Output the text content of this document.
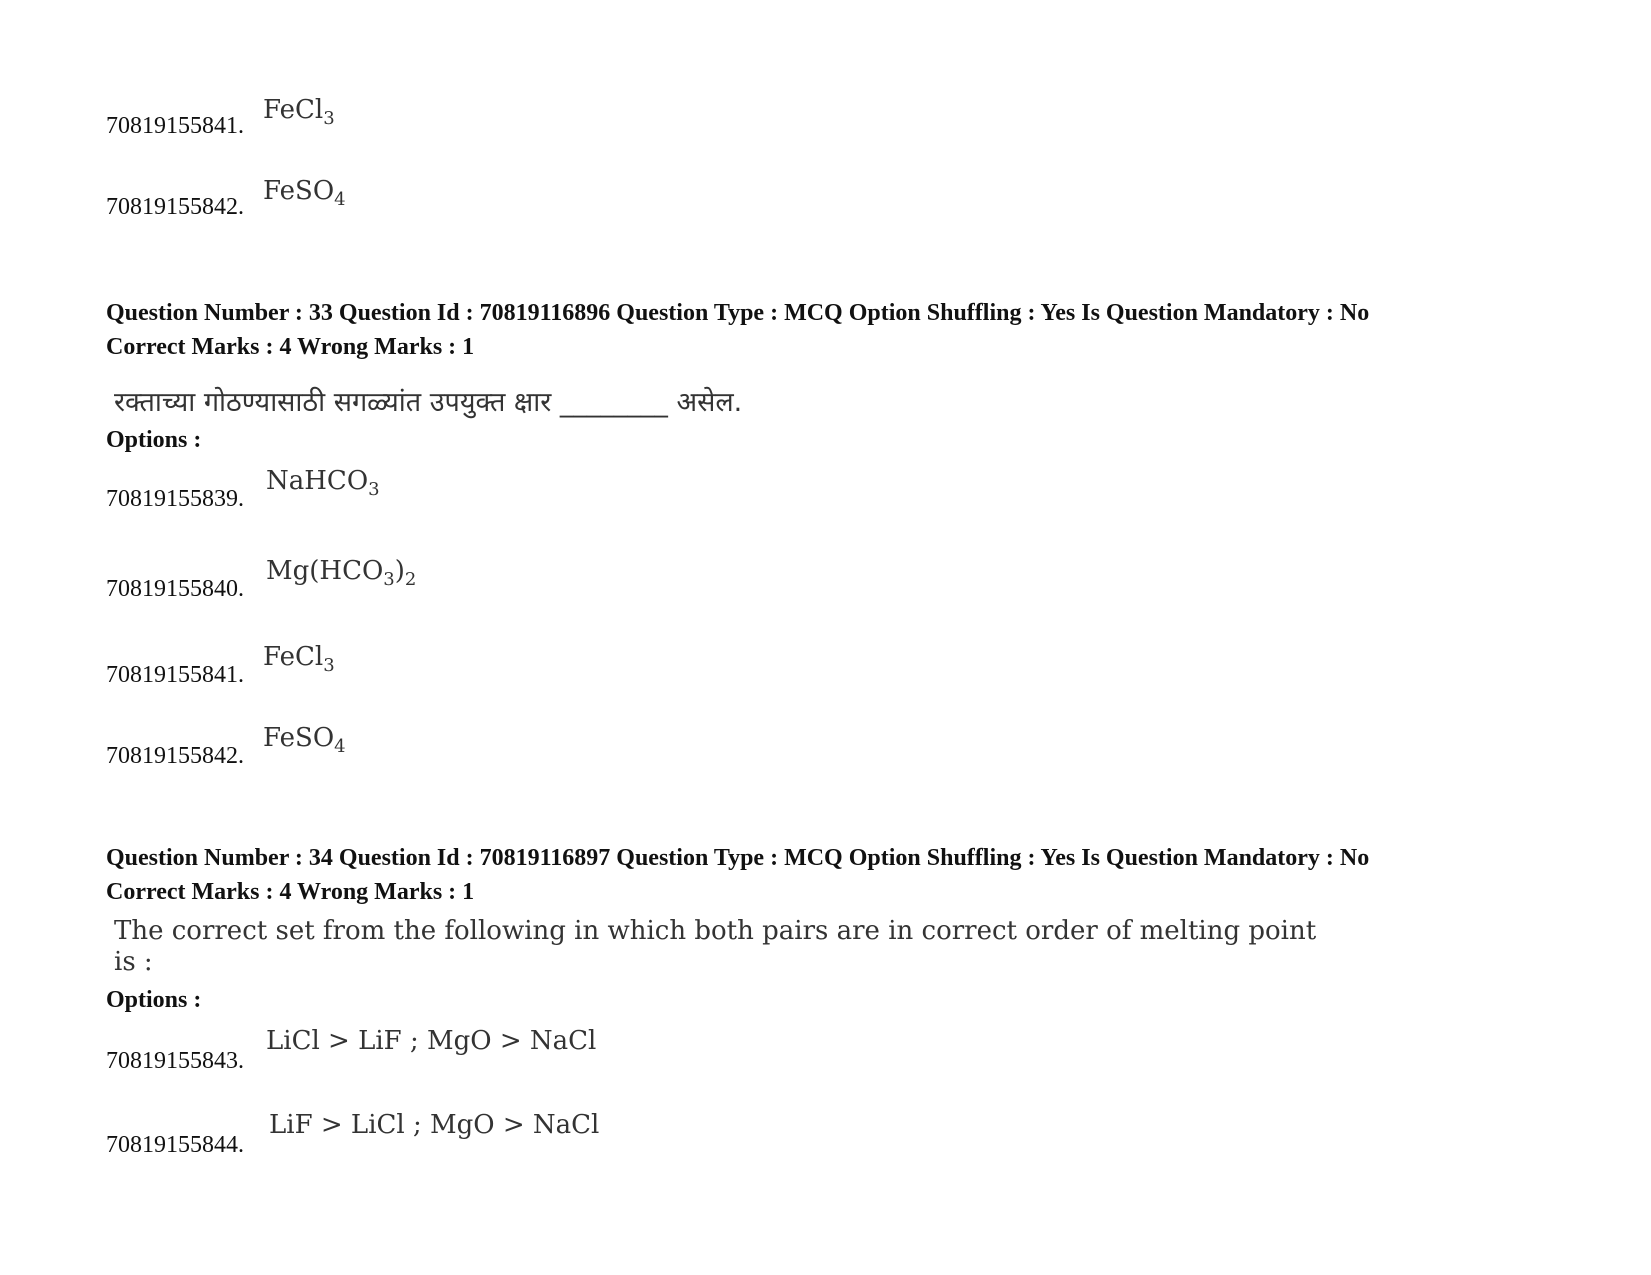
70819155841.
FeCl$_3$
70819155842.
FeSO$_4$
Question Number : 33 Question Id : 70819116896 Question Type : MCQ Option Shuffling : Yes Is Question Mandatory : No
Correct Marks : 4 Wrong Marks : 1
रक्ताच्या गोठण्यासाठी सगळ्यांत उपयुक्त क्षार ________ असेल.
Options :
70819155839.
NaHCO$_3$
70819155840.
$Mg(HCO_3)_2$
70819155841.
FeCl$_3$
70819155842.
FeSO$_4$
Question Number : 34 Question Id : 70819116897 Question Type : MCQ Option Shuffling : Yes Is Question Mandatory : No
Correct Marks : 4 Wrong Marks : 1
The correct set from the following in which both pairs are in correct order of melting point
is :
Options :
70819155843.
LiCl > LiF ; MgO > NaCl
70819155844.
LiF > LiCl ; MgO > NaCl
